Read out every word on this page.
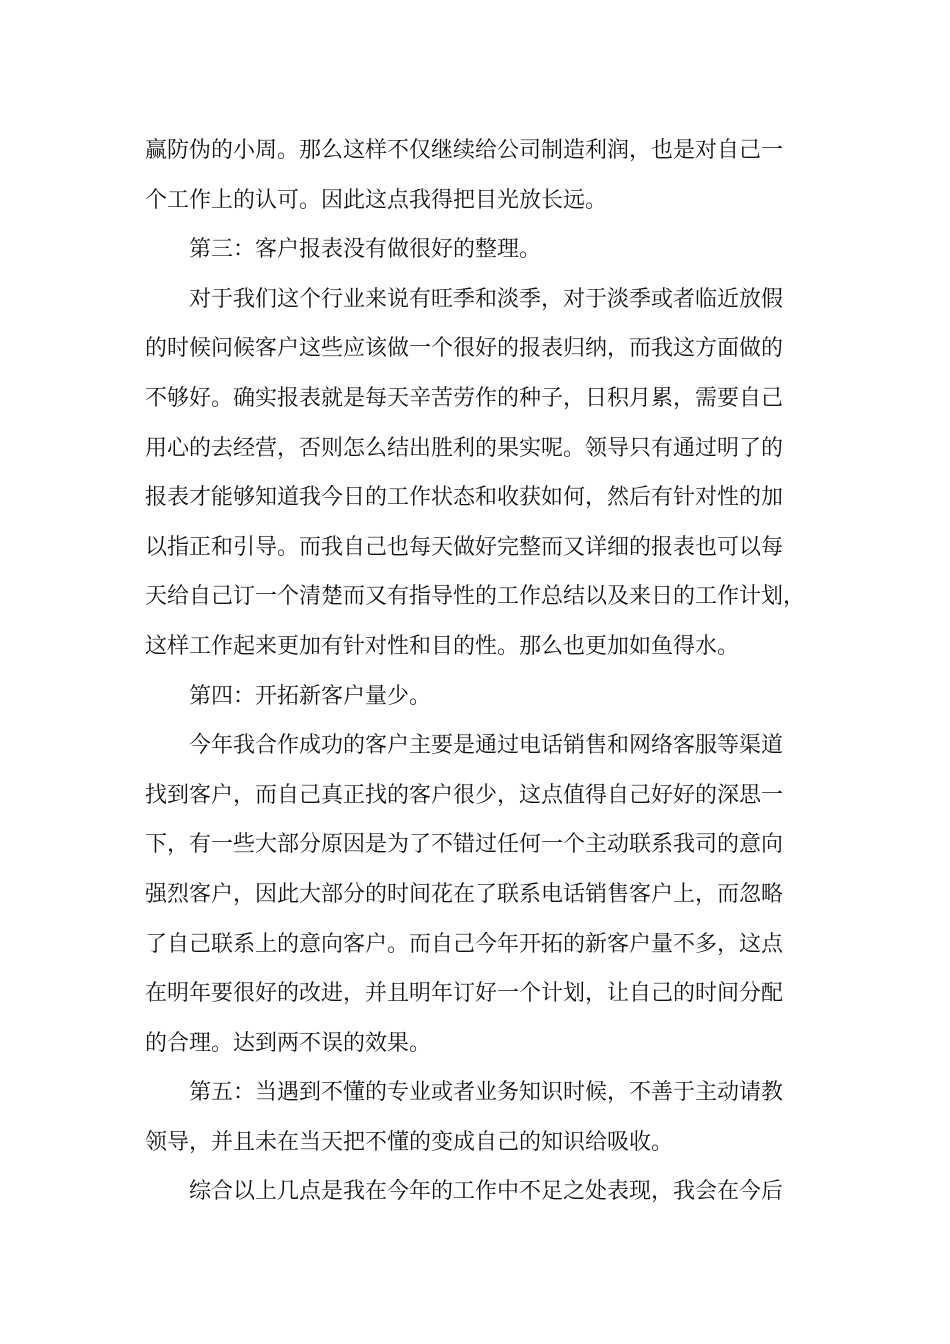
赢防伪的小周。那么这样不仅继续给公司制造利润，也是对自己一
个工作上的认可。因此这点我得把目光放长远。
第三：客户报表没有做很好的整理。
对于我们这个行业来说有旺季和淡季，对于淡季或者临近放假
的时候问候客户这些应该做一个很好的报表归纳，而我这方面做的
不够好。确实报表就是每天辛苦劳作的种子，日积月累，需要自己
用心的去经营，否则怎么结出胜利的果实呢。领导只有通过明了的
报表才能够知道我今日的工作状态和收获如何，然后有针对性的加
以指正和引导。而我自己也每天做好完整而又详细的报表也可以每
天给自己订一个清楚而又有指导性的工作总结以及来日的工作计划，
这样工作起来更加有针对性和目的性。那么也更加如鱼得水。
第四：开拓新客户量少。
今年我合作成功的客户主要是通过电话销售和网络客服等渠道
找到客户，而自己真正找的客户很少，这点值得自己好好的深思一
下，有一些大部分原因是为了不错过任何一个主动联系我司的意向
强烈客户，因此大部分的时间花在了联系电话销售客户上，而忽略
了自己联系上的意向客户。而自己今年开拓的新客户量不多，这点
在明年要很好的改进，并且明年订好一个计划，让自己的时间分配
的合理。达到两不误的效果。
第五：当遇到不懂的专业或者业务知识时候，不善于主动请教
领导，并且未在当天把不懂的变成自己的知识给吸收。
综合以上几点是我在今年的工作中不足之处表现，我会在今后
